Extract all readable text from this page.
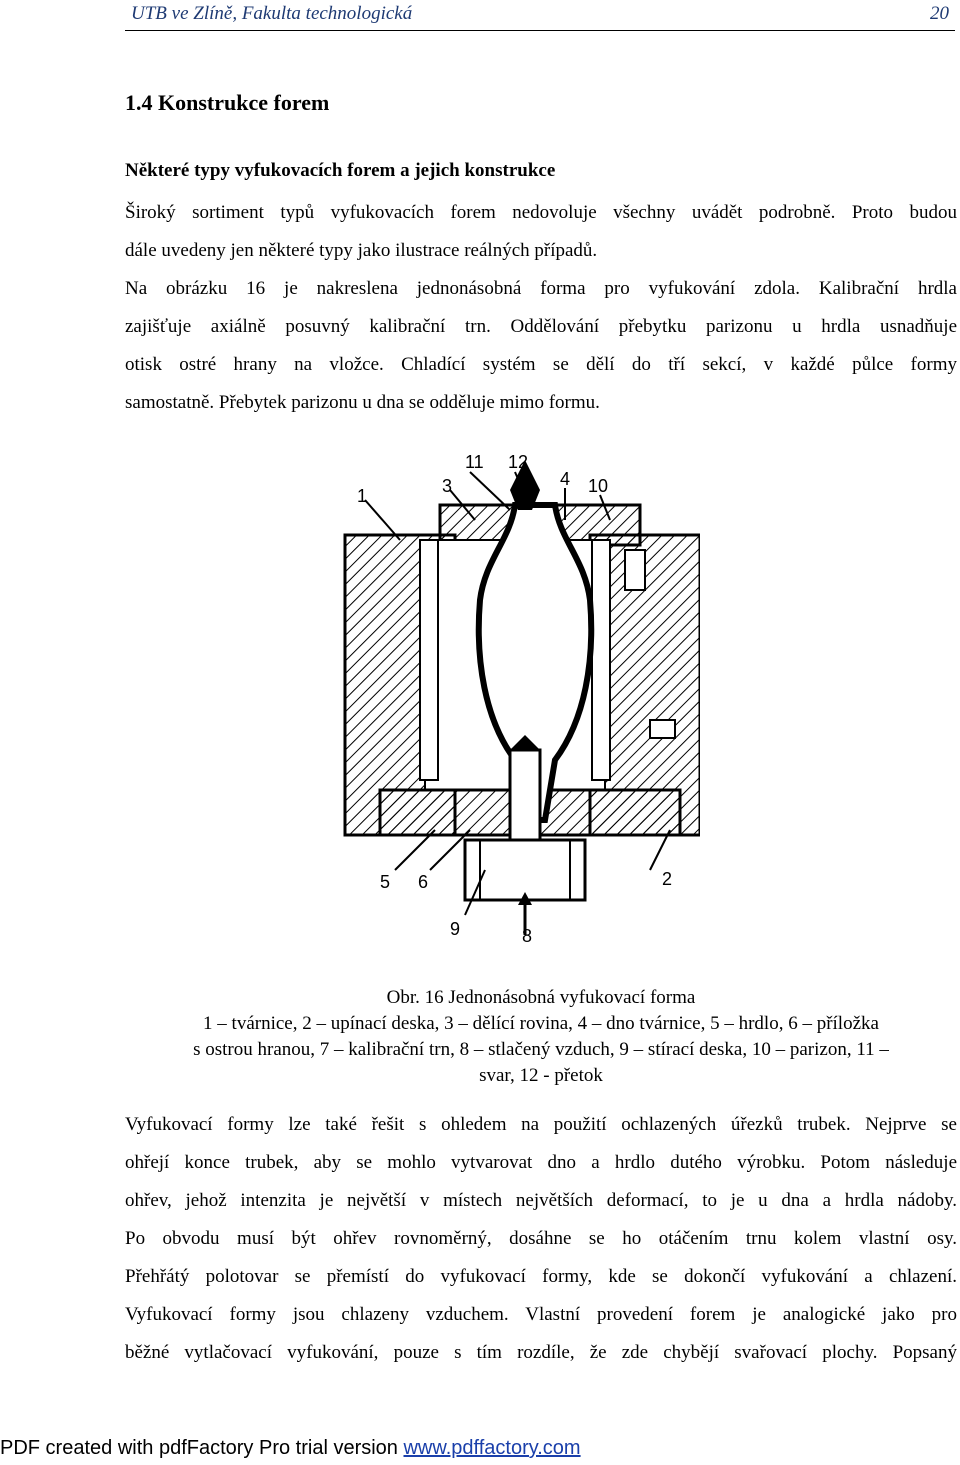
UTB ve Zlíně, Fakulta technologická	20
1.4 Konstrukce forem
Některé typy vyfukovacích forem a jejich konstrukce
Široký sortiment typů vyfukovacích forem nedovoluje všechny uvádět podrobně. Proto budou
dále uvedeny jen některé typy jako ilustrace reálných případů.
Na obrázku 16 je nakreslena jednonásobná forma pro vyfukování zdola. Kalibrační hrdla
zajišťuje axiálně posuvný kalibrační trn. Oddělování přebytku parizonu u hrdla usnadňuje
otisk ostré hrany na vložce. Chladící systém se dělí do tří sekcí, v každé půlce formy
samostatně. Přebytek parizonu u dna se odděluje mimo formu.
1
2
3	4
5 6
8
9
10
11 12
Obr. 16 Jednonásobná vyfukovací forma
1 – tvárnice, 2 – upínací deska, 3 – dělící rovina, 4 – dno tvárnice, 5 – hrdlo, 6 – příložka
s ostrou hranou, 7 – kalibrační trn, 8 – stlačený vzduch, 9 – stírací deska, 10 – parizon, 11 –
svar, 12 - přetok
Vyfukovací formy lze také řešit s ohledem na použití ochlazených úřezků trubek. Nejprve se
ohřejí konce trubek, aby se mohlo vytvarovat dno a hrdlo dutého výrobku. Potom následuje
ohřev, jehož intenzita je největší v místech největších deformací, to je u dna a hrdla nádoby.
Po obvodu musí být ohřev rovnoměrný, dosáhne se ho otáčením trnu kolem vlastní osy.
Přehřátý polotovar se přemístí do vyfukovací formy, kde se dokončí vyfukování a chlazení.
Vyfukovací formy jsou chlazeny vzduchem. Vlastní provedení forem je analogické jako pro
běžné vytlačovací vyfukování, pouze s tím rozdíle, že zde chybějí svařovací plochy. Popsaný
PDF created with pdfFactory Pro trial version www.pdffactory.com
